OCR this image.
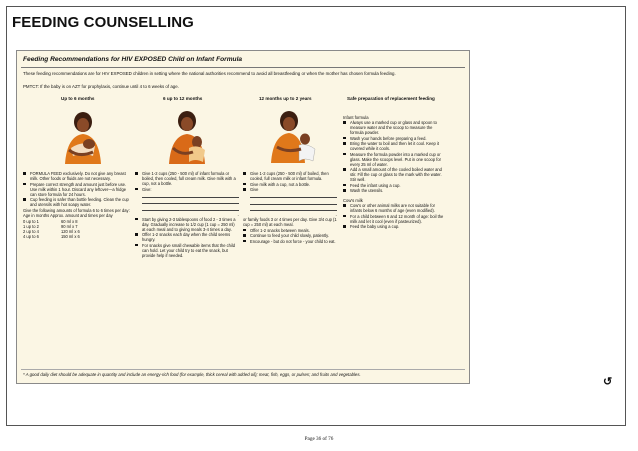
FEEDING COUNSELLING
Feeding Recommendations for HIV EXPOSED Child on Infant Formula
These feeding recommendations are for HIV EXPOSED children in setting where the national authorities recommend to avoid all breastfeeding or when the mother has chosen formula feeding.
PMTCT: If the baby is on AZT for prophylaxis, continue until 4 to 6 weeks of age.
Up to 6 months	6 up to 12 months	12 months up to 2 years	Safe preparation of replacement feeding
FORMULA FEED exclusively. Do not give any breast milk. Other foods or fluids are not necessary.
Prepare correct strength and amount just before use. Use milk within 1 hour. Discard any leftover—a fridge can store formula for 24 hours.
Cup feeding is safer than bottle feeding. Clean the cup and utensils with hot soapy water.

Give the following amounts of formula 6 to 6 times per day:

Age in months Approx. amount and times per day

0 up to 1	60 ml x 8
1 up to 2	90 ml x 7
2 up to 4	120 ml x 6
4 up to 6	150 ml x 6
Give 1-2 cups (250 - 500 ml) of infant formula or boiled, then cooled, full cream milk. Give milk with a cup, not a bottle.
Give:
-
Start by giving 2-3 tablespoons of food 2 - 3 times a day. Gradually increase to 1/2 cup (1 cup = 250 ml) at each meal and to giving meals 3-4 times a day.
Offer 1-2 snacks each day when the child seems hungry.
For snacks give small chewable items that the child can hold. Let your child try to eat the snack, but provide help if needed.
Give 1-2 cups (250 - 500 ml) of boiled, then cooled, full cream milk or infant formula.
Give milk with a cup, not a bottle.
Give
-

or family foods 3 or 4 times per day. Give 3/4 cup (1 cup = 250 ml) at each meal.

Offer 1-2 snacks between meals.
Continue to feed your child slowly, patiently.
Encourage - but do not force - your child to eat.
Infant formula
Always use a marked cup or glass and spoon to measure water and the scoop to measure the formula powder.
Wash your hands before preparing a feed.
Bring the water to boil and then let it cool. Keep it covered while it cools.
Measure the formula powder into a marked cup or glass. Make the scoops level. Put in one scoop for every 25 ml of water.
Add a small amount of the cooled boiled water and stir. Fill the cup or glass to the mark with the water. Stir well.
Feed the infant using a cup.
Wash the utensils.
Cow's milk
Cow's or other animal milks are not suitable for infants below 6 months of age (even modified).
For a child between 6 and 12 month of age: boil the milk and let it cool (even if pasteurized).
Feed the baby using a cup.
* A good daily diet should be adequate in quantity and include an energy-rich food (for example, thick cereal with added oil); meat, fish, eggs, or pulses; and fruits and vegetables.
↺
Page 36 of 76
